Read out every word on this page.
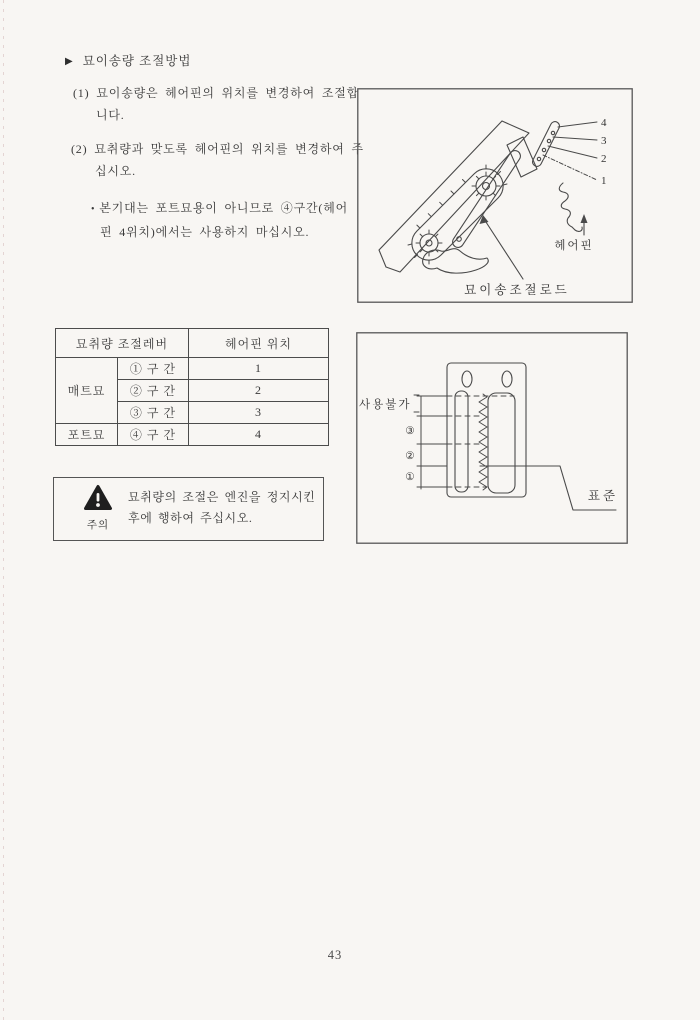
▶ 묘이송량 조절방법
(1) 묘이송량은 헤어핀의 위치를 변경하여 조절합
니다.
(2) 묘취량과 맞도록 헤어핀의 위치를 변경하여 주
십시오.
• 본기대는 포트묘용이 아니므로 ④구간(헤어
핀 4위치)에서는 사용하지 마십시오.
묘취량 조절레버		헤어핀 위치
매트묘	① 구 간	1
	② 구 간	2
	③ 구 간	3
포트묘	④ 구 간	4
주의
묘취량의 조절은 엔진을 정지시킨
후에 행하여 주십시오.
4
3
2
1
헤어핀
묘이송조절로드
사용불가
③
②
①
표준
43
